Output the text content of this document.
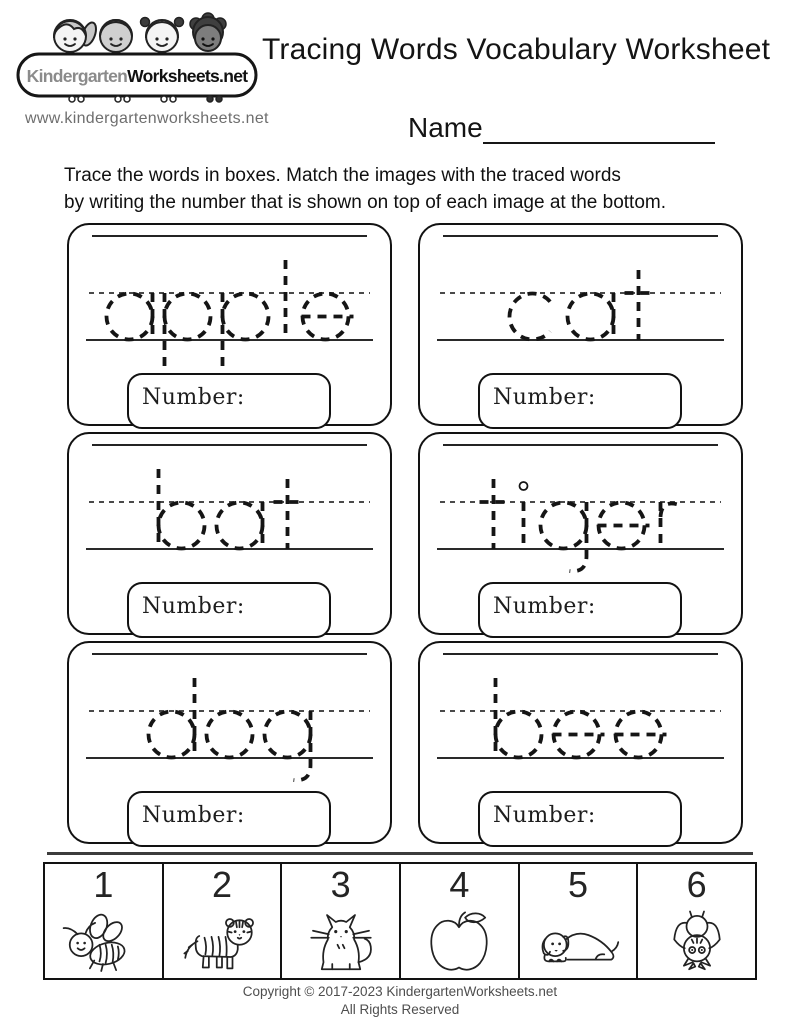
KindergartenWorksheets.net
www.kindergartenworksheets.net
Tracing Words Vocabulary Worksheet
Name
Trace the words in boxes. Match the images with the traced words
by writing the number that is shown on top of each image at the bottom.
Number:	Number:
Number:	Number:
Number:	Number:
1	2	3	4	5	6
Copyright © 2017-2023 KindergartenWorksheets.net
All Rights Reserved
